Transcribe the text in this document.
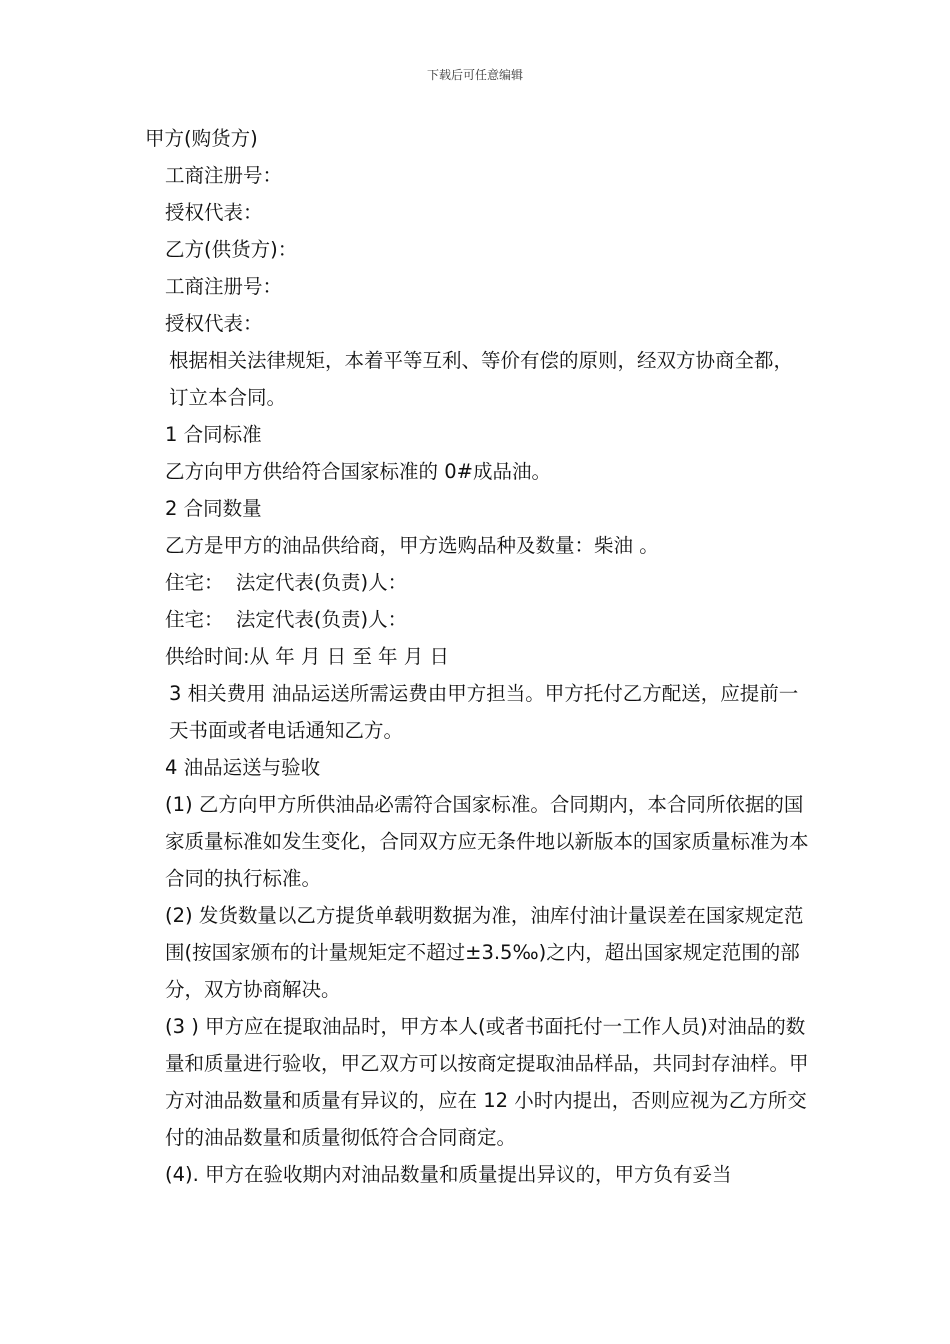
下载后可任意编辑

甲方(购货方)

工商注册号：

授权代表：

乙方(供货方)：

工商注册号：

授权代表：

根据相关法律规矩，本着平等互利、等价有偿的原则，经双方协商全都，订立本合同。

1 合同标准

乙方向甲方供给符合国家标准的 0#成品油。

2 合同数量

乙方是甲方的油品供给商，甲方选购品种及数量：柴油 。

住宅：  法定代表(负责)人：

住宅：  法定代表(负责)人：

供给时间:从 年 月 日 至 年 月 日

3 相关费用 油品运送所需运费由甲方担当。甲方托付乙方配送，应提前一天书面或者电话通知乙方。

4 油品运送与验收

(1) 乙方向甲方所供油品必需符合国家标准。合同期内，本合同所依据的国家质量标准如发生变化，合同双方应无条件地以新版本的国家质量标准为本合同的执行标准。

(2) 发货数量以乙方提货单载明数据为准，油库付油计量误差在国家规定范围(按国家颁布的计量规矩定不超过±3.5‰)之内，超出国家规定范围的部分，双方协商解决。

(3 ) 甲方应在提取油品时，甲方本人(或者书面托付一工作人员)对油品的数量和质量进行验收，甲乙双方可以按商定提取油品样品，共同封存油样。甲方对油品数量和质量有异议的，应在 12 小时内提出，否则应视为乙方所交付的油品数量和质量彻低符合合同商定。

(4). 甲方在验收期内对油品数量和质量提出异议的，甲方负有妥当
